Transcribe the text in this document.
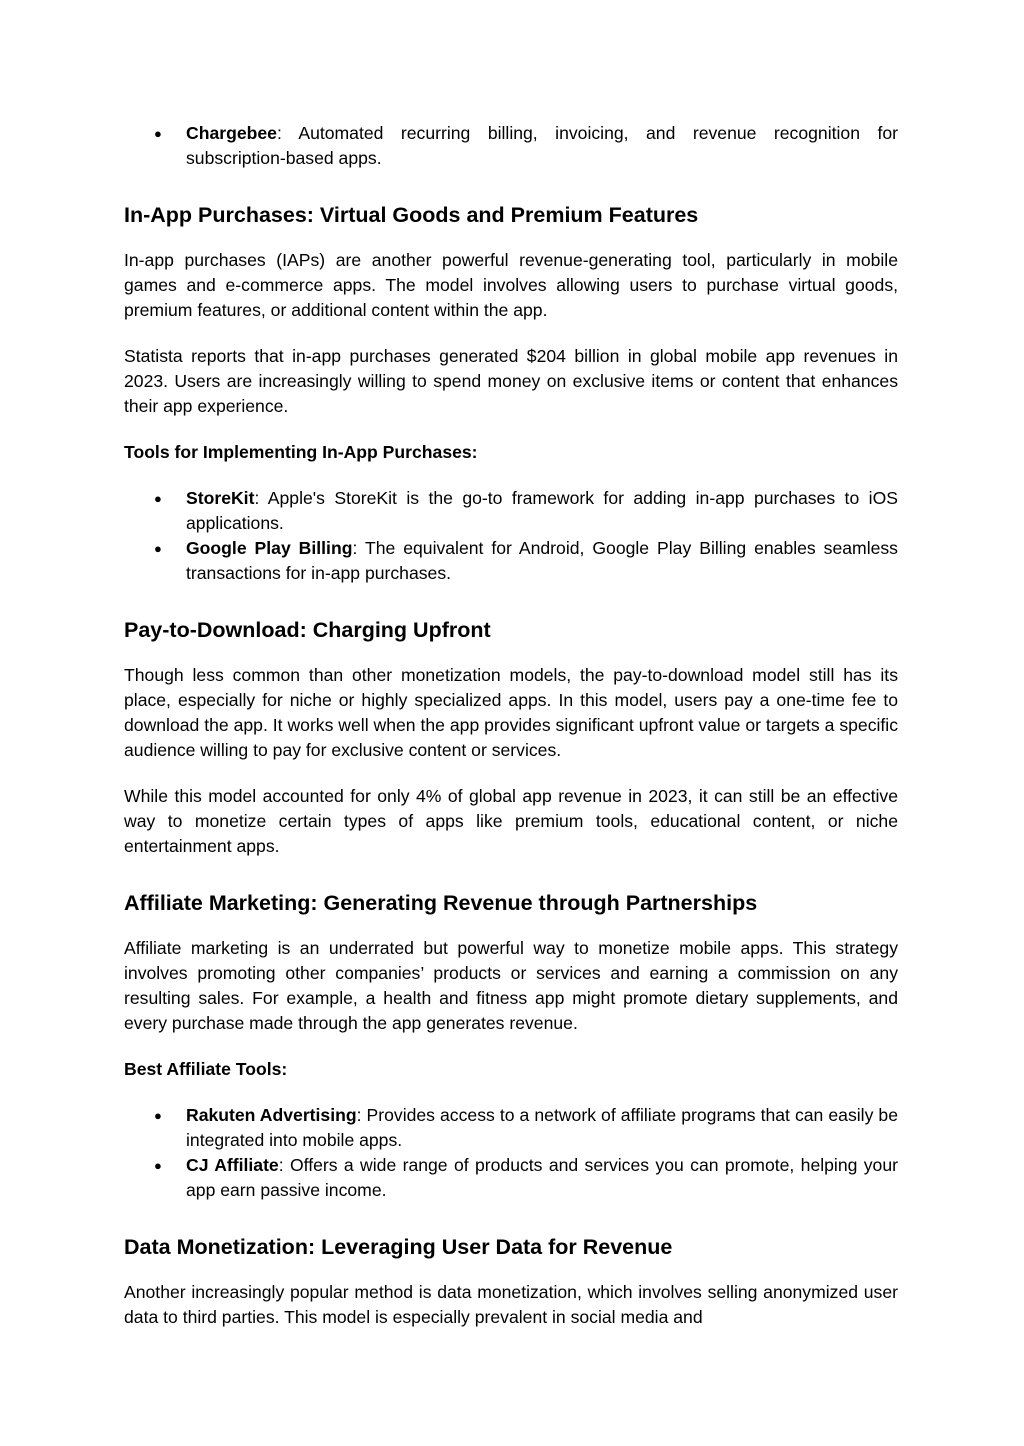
● Chargebee: Automated recurring billing, invoicing, and revenue recognition for subscription-based apps.
In-App Purchases: Virtual Goods and Premium Features

In-app purchases (IAPs) are another powerful revenue-generating tool, particularly in mobile games and e-commerce apps. The model involves allowing users to purchase virtual goods, premium features, or additional content within the app.

Statista reports that in-app purchases generated $204 billion in global mobile app revenues in 2023. Users are increasingly willing to spend money on exclusive items or content that enhances their app experience.

Tools for Implementing In-App Purchases:

● StoreKit: Apple's StoreKit is the go-to framework for adding in-app purchases to iOS applications.
● Google Play Billing: The equivalent for Android, Google Play Billing enables seamless transactions for in-app purchases.
Pay-to-Download: Charging Upfront

Though less common than other monetization models, the pay-to-download model still has its place, especially for niche or highly specialized apps. In this model, users pay a one-time fee to download the app. It works well when the app provides significant upfront value or targets a specific audience willing to pay for exclusive content or services.

While this model accounted for only 4% of global app revenue in 2023, it can still be an effective way to monetize certain types of apps like premium tools, educational content, or niche entertainment apps.

Affiliate Marketing: Generating Revenue through Partnerships

Affiliate marketing is an underrated but powerful way to monetize mobile apps. This strategy involves promoting other companies’ products or services and earning a commission on any resulting sales. For example, a health and fitness app might promote dietary supplements, and every purchase made through the app generates revenue.

Best Affiliate Tools:

● Rakuten Advertising: Provides access to a network of affiliate programs that can easily be integrated into mobile apps.
● CJ Affiliate: Offers a wide range of products and services you can promote, helping your app earn passive income.
Data Monetization: Leveraging User Data for Revenue

Another increasingly popular method is data monetization, which involves selling anonymized user data to third parties. This model is especially prevalent in social media and
